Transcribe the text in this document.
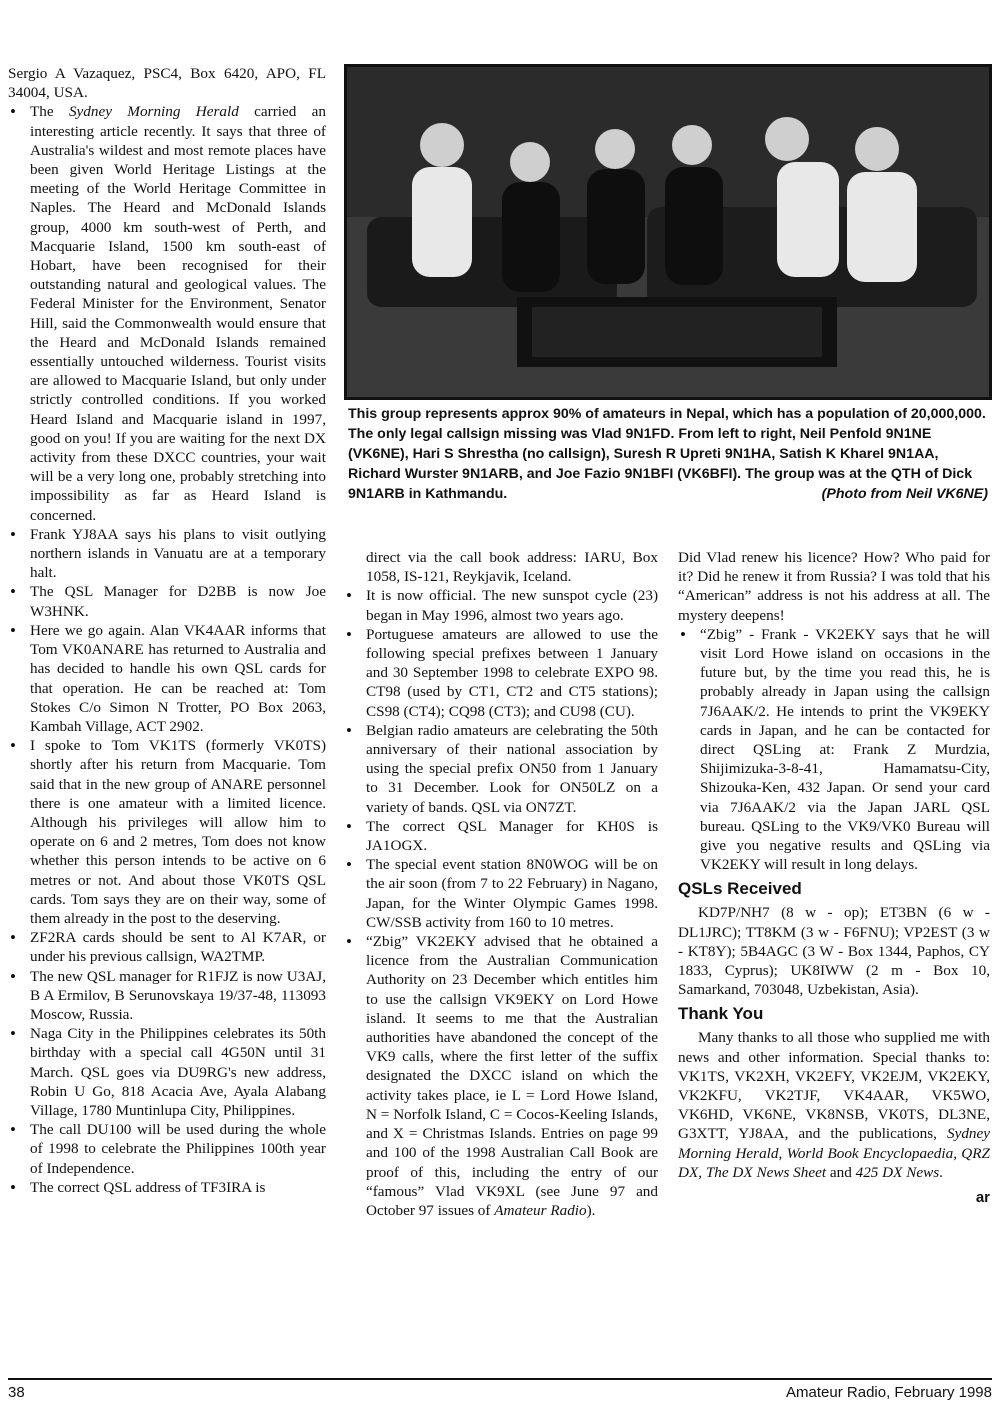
Sergio A Vazaquez, PSC4, Box 6420, APO, FL 34004, USA.

• The Sydney Morning Herald carried an interesting article recently. It says that three of Australia's wildest and most remote places have been given World Heritage Listings at the meeting of the World Heritage Committee in Naples. The Heard and McDonald Islands group, 4000 km south-west of Perth, and Macquarie Island, 1500 km south-east of Hobart, have been recognised for their outstanding natural and geological values. The Federal Minister for the Environment, Senator Hill, said the Commonwealth would ensure that the Heard and McDonald Islands remained essentially untouched wilderness. Tourist visits are allowed to Macquarie Island, but only under strictly controlled conditions. If you worked Heard Island and Macquarie island in 1997, good on you! If you are waiting for the next DX activity from these DXCC countries, your wait will be a very long one, probably stretching into impossibility as far as Heard Island is concerned.
• Frank YJ8AA says his plans to visit outlying northern islands in Vanuatu are at a temporary halt.
• The QSL Manager for D2BB is now Joe W3HNK.
• Here we go again. Alan VK4AAR informs that Tom VK0ANARE has returned to Australia and has decided to handle his own QSL cards for that operation. He can be reached at: Tom Stokes C/o Simon N Trotter, PO Box 2063, Kambah Village, ACT 2902.
• I spoke to Tom VK1TS (formerly VK0TS) shortly after his return from Macquarie. Tom said that in the new group of ANARE personnel there is one amateur with a limited licence. Although his privileges will allow him to operate on 6 and 2 metres, Tom does not know whether this person intends to be active on 6 metres or not. And about those VK0TS QSL cards. Tom says they are on their way, some of them already in the post to the deserving.
• ZF2RA cards should be sent to Al K7AR, or under his previous callsign, WA2TMP.
• The new QSL manager for R1FJZ is now U3AJ, B A Ermilov, B Serunovskaya 19/37-48, 113093 Moscow, Russia.
• Naga City in the Philippines celebrates its 50th birthday with a special call 4G50N until 31 March. QSL goes via DU9RG's new address, Robin U Go, 818 Acacia Ave, Ayala Alabang Village, 1780 Muntinlupa City, Philippines.
• The call DU100 will be used during the whole of 1998 to celebrate the Philippines 100th year of Independence.
• The correct QSL address of TF3IRA is

This group represents approx 90% of amateurs in Nepal, which has a population of 20,000,000. The only legal callsign missing was Vlad 9N1FD. From left to right, Neil Penfold 9N1NE (VK6NE), Hari S Shrestha (no callsign), Suresh R Upreti 9N1HA, Satish K Kharel 9N1AA, Richard Wurster 9N1ARB, and Joe Fazio 9N1BFI (VK6BFI). The group was at the QTH of Dick 9N1ARB in Kathmandu.	(Photo from Neil VK6NE)

direct via the call book address: IARU, Box 1058, IS-121, Reykjavik, Iceland.
• It is now official. The new sunspot cycle (23) began in May 1996, almost two years ago.
• Portuguese amateurs are allowed to use the following special prefixes between 1 January and 30 September 1998 to celebrate EXPO 98. CT98 (used by CT1, CT2 and CT5 stations); CS98 (CT4); CQ98 (CT3); and CU98 (CU).
• Belgian radio amateurs are celebrating the 50th anniversary of their national association by using the special prefix ON50 from 1 January to 31 December. Look for ON50LZ on a variety of bands. QSL via ON7ZT.
• The correct QSL Manager for KH0S is JA1OGX.
• The special event station 8N0WOG will be on the air soon (from 7 to 22 February) in Nagano, Japan, for the Winter Olympic Games 1998. CW/SSB activity from 160 to 10 metres.
• “Zbig” VK2EKY advised that he obtained a licence from the Australian Communication Authority on 23 December which entitles him to use the callsign VK9EKY on Lord Howe island. It seems to me that the Australian authorities have abandoned the concept of the VK9 calls, where the first letter of the suffix designated the DXCC island on which the activity takes place, ie L = Lord Howe Island, N = Norfolk Island, C = Cocos-Keeling Islands, and X = Christmas Islands. Entries on page 99 and 100 of the 1998 Australian Call Book are proof of this, including the entry of our “famous” Vlad VK9XL (see June 97 and October 97 issues of Amateur Radio).

Did Vlad renew his licence? How? Who paid for it? Did he renew it from Russia? I was told that his “American” address is not his address at all. The mystery deepens!

• “Zbig” - Frank - VK2EKY says that he will visit Lord Howe island on occasions in the future but, by the time you read this, he is probably already in Japan using the callsign 7J6AAK/2. He intends to print the VK9EKY cards in Japan, and he can be contacted for direct QSLing at: Frank Z Murdzia, Shijimizuka-3-8-41, Hamamatsu-City, Shizouka-Ken, 432 Japan. Or send your card via 7J6AAK/2 via the Japan JARL QSL bureau. QSLing to the VK9/VK0 Bureau will give you negative results and QSLing via VK2EKY will result in long delays.
QSLs Received

KD7P/NH7 (8 w - op); ET3BN (6 w - DL1JRC); TT8KM (3 w - F6FNU); VP2EST (3 w - KT8Y); 5B4AGC (3 W - Box 1344, Paphos, CY 1833, Cyprus); UK8IWW (2 m - Box 10, Samarkand, 703048, Uzbekistan, Asia).

Thank You

Many thanks to all those who supplied me with news and other information. Special thanks to: VK1TS, VK2XH, VK2EFY, VK2EJM, VK2EKY, VK2KFU, VK2TJF, VK4AAR, VK5WO, VK6HD, VK6NE, VK8NSB, VK0TS, DL3NE, G3XTT, YJ8AA, and the publications, Sydney Morning Herald, World Book Encyclopaedia, QRZ DX, The DX News Sheet and 425 DX News.

ar
38	Amateur Radio, February 1998
